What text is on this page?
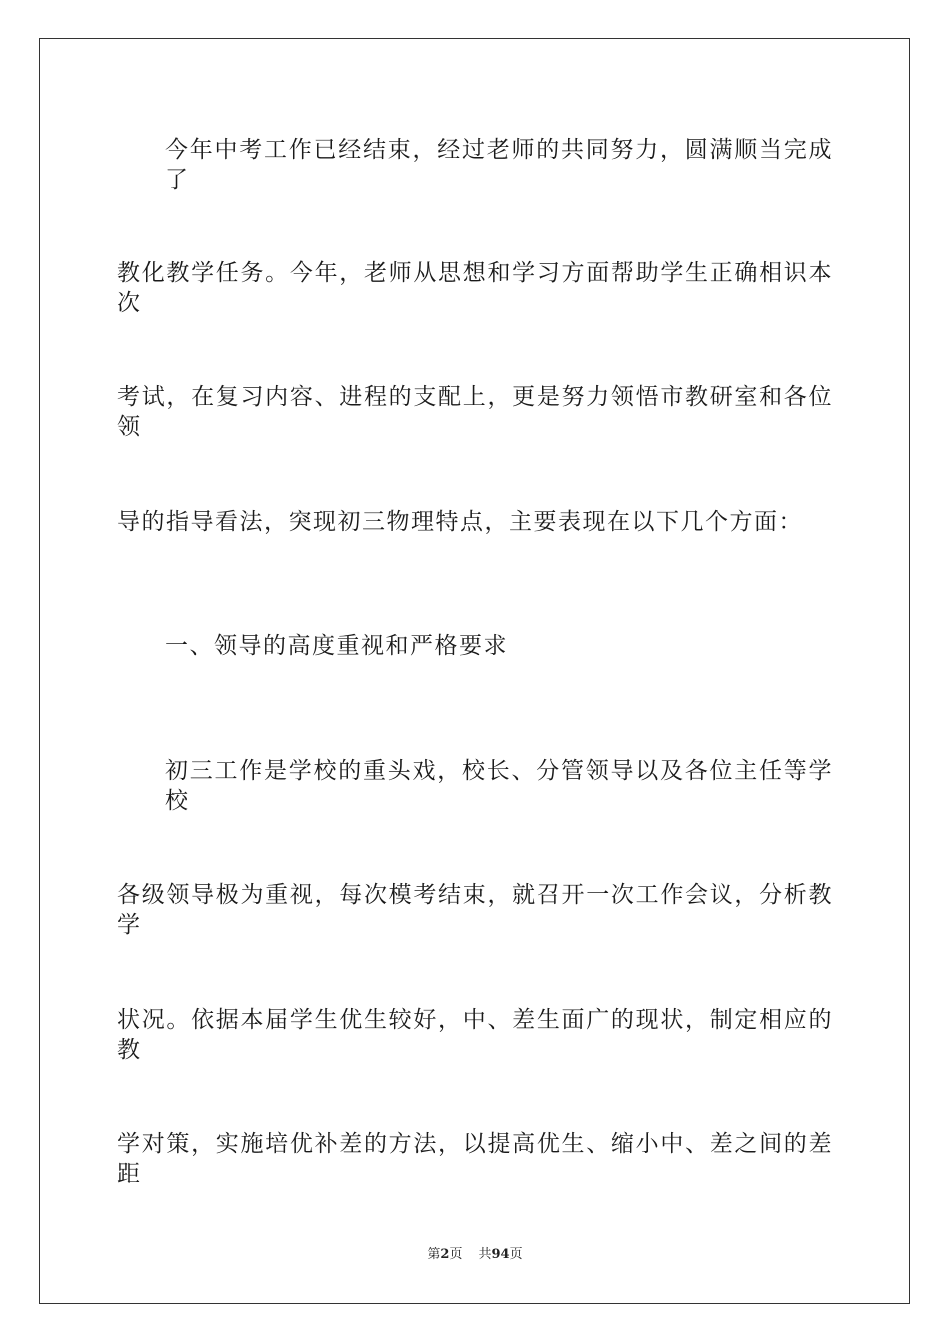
今年中考工作已经结束，经过老师的共同努力，圆满顺当完成了
教化教学任务。今年，老师从思想和学习方面帮助学生正确相识本次
考试，在复习内容、进程的支配上，更是努力领悟市教研室和各位领
导的指导看法，突现初三物理特点，主要表现在以下几个方面：
一、领导的高度重视和严格要求
初三工作是学校的重头戏，校长、分管领导以及各位主任等学校
各级领导极为重视，每次模考结束，就召开一次工作会议，分析教学
状况。依据本届学生优生较好，中、差生面广的现状，制定相应的教
学对策，实施培优补差的方法，以提高优生、缩小中、差之间的差距
第2页 共94页
